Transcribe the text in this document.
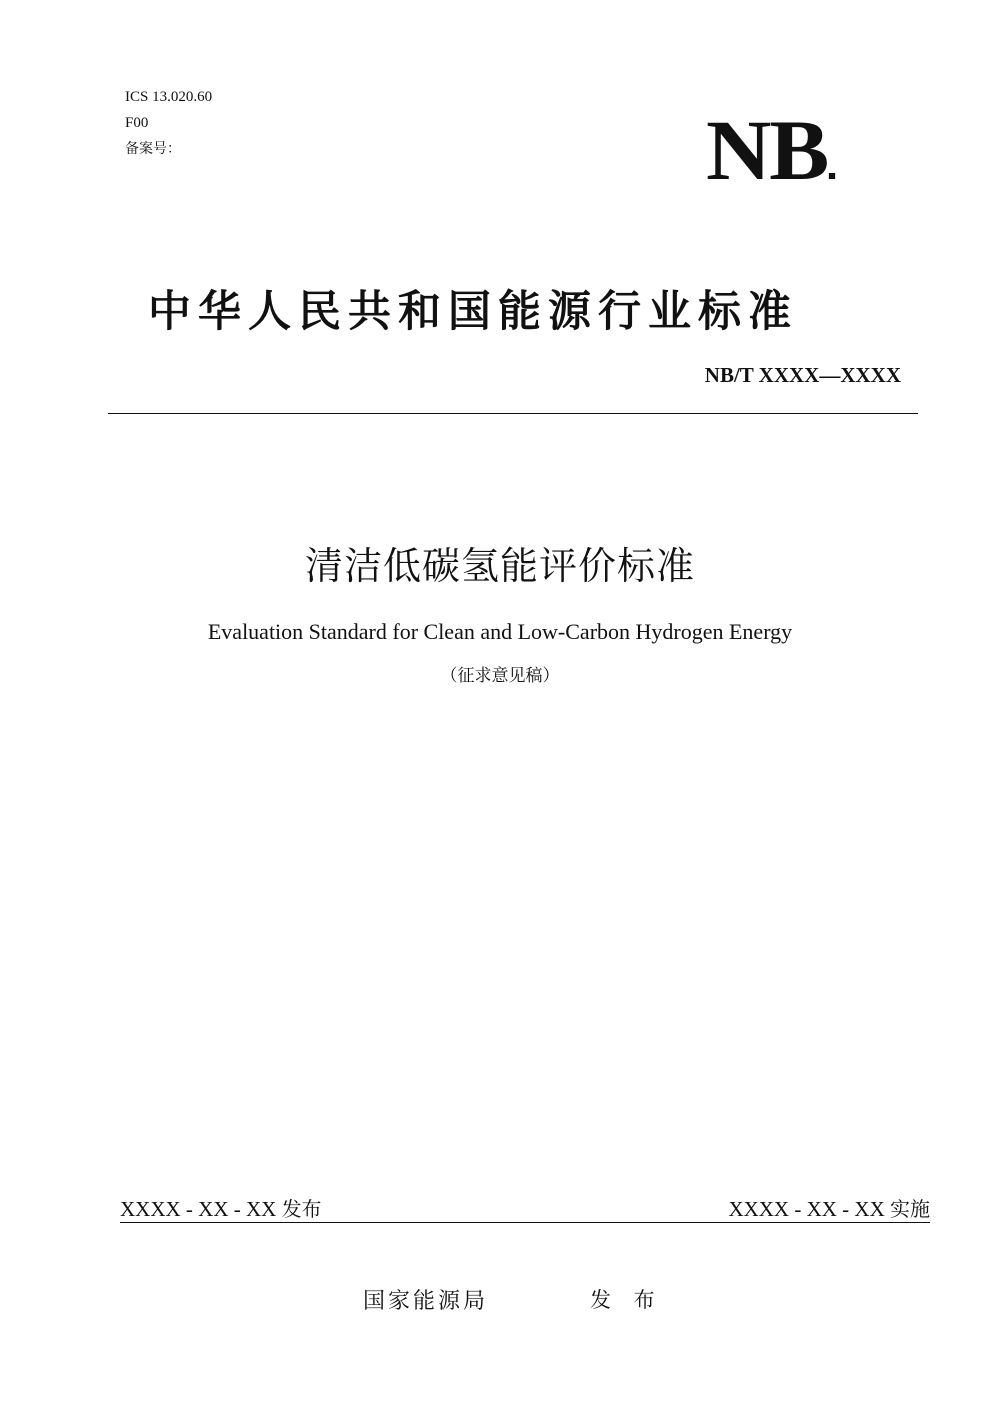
ICS 13.020.60
F00
备案号：	NB
中华人民共和国能源行业标准
NB/T XXXX—XXXX
清洁低碳氢能评价标准
Evaluation Standard for Clean and Low-Carbon Hydrogen Energy
（征求意见稿）
XXXX - XX - XX 发布	XXXX - XX - XX 实施
国家能源局	发 布
